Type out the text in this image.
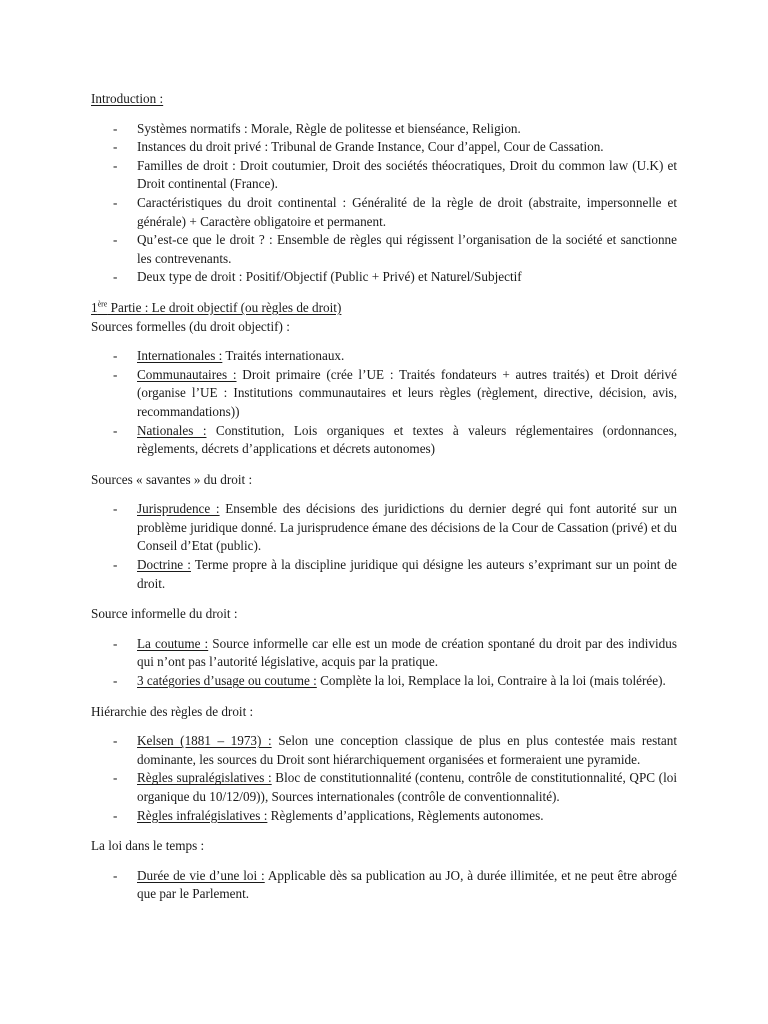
Introduction :

- Systèmes normatifs : Morale, Règle de politesse et bienséance, Religion.
- Instances du droit privé : Tribunal de Grande Instance, Cour d’appel, Cour de Cassation.
- Familles de droit : Droit coutumier, Droit des sociétés théocratiques, Droit du common law (U.K) et Droit continental (France).
- Caractéristiques du droit continental : Généralité de la règle de droit (abstraite, impersonnelle et générale) + Caractère obligatoire et permanent.
- Qu’est-ce que le droit ? : Ensemble de règles qui régissent l’organisation de la société et sanctionne les contrevenants.
- Deux type de droit : Positif/Objectif (Public + Privé) et Naturel/Subjectif

1ère Partie : Le droit objectif (ou règles de droit)

Sources formelles (du droit objectif) :

- Internationales : Traités internationaux.
- Communautaires : Droit primaire (crée l’UE : Traités fondateurs + autres traités) et Droit dérivé (organise l’UE : Institutions communautaires et leurs règles (règlement, directive, décision, avis, recommandations))
- Nationales : Constitution, Lois organiques et textes à valeurs réglementaires (ordonnances, règlements, décrets d’applications et décrets autonomes)

Sources « savantes » du droit :

- Jurisprudence : Ensemble des décisions des juridictions du dernier degré qui font autorité sur un problème juridique donné. La jurisprudence émane des décisions de la Cour de Cassation (privé) et du Conseil d’Etat (public).
- Doctrine : Terme propre à la discipline juridique qui désigne les auteurs s’exprimant sur un point de droit.

Source informelle du droit :

- La coutume : Source informelle car elle est un mode de création spontané du droit par des individus qui n’ont pas l’autorité législative, acquis par la pratique.
- 3 catégories d’usage ou coutume : Complète la loi, Remplace la loi, Contraire à la loi (mais tolérée).

Hiérarchie des règles de droit :

- Kelsen (1881 – 1973) : Selon une conception classique de plus en plus contestée mais restant dominante, les sources du Droit sont hiérarchiquement organisées et formeraient une pyramide.
- Règles supralégislatives : Bloc de constitutionnalité (contenu, contrôle de constitutionnalité, QPC (loi organique du 10/12/09)), Sources internationales (contrôle de conventionnalité).
- Règles infralégislatives : Règlements d’applications, Règlements autonomes.

La loi dans le temps :

- Durée de vie d’une loi : Applicable dès sa publication au JO, à durée illimitée, et ne peut être abrogé que par le Parlement.
